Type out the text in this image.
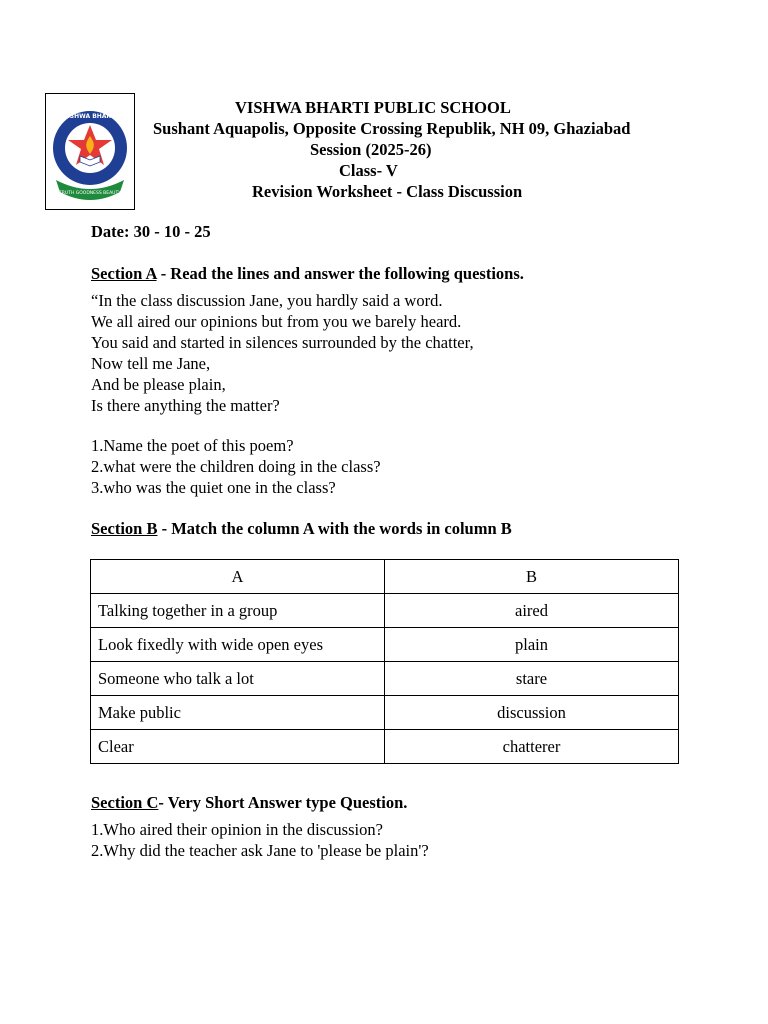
VISHWA BHARTI
TRUTH GOODNESS BEAUTY
VISHWA BHARTI PUBLIC SCHOOL
Sushant Aquapolis, Opposite Crossing Republik, NH 09, Ghaziabad
Session (2025-26)
Class- V
Revision Worksheet - Class Discussion
Date: 30 - 10 - 25
Section A - Read the lines and answer the following questions.
“In the class discussion Jane, you hardly said a word.
We all aired our opinions but from you we barely heard.
You said and started in silences surrounded by the chatter,
Now tell me Jane,
And be please plain,
Is there anything the matter?
1.Name the poet of this poem?
2.what were the children doing in the class?
3.who was the quiet one in the class?
Section B - Match the column A with the words in column B
A	B
Talking together in a group	aired
Look fixedly with wide open eyes	plain
Someone who talk a lot	stare
Make public	discussion
Clear	chatterer
Section C- Very Short Answer type Question.
1.Who aired their opinion in the discussion?
2.Why did the teacher ask Jane to 'please be plain'?
